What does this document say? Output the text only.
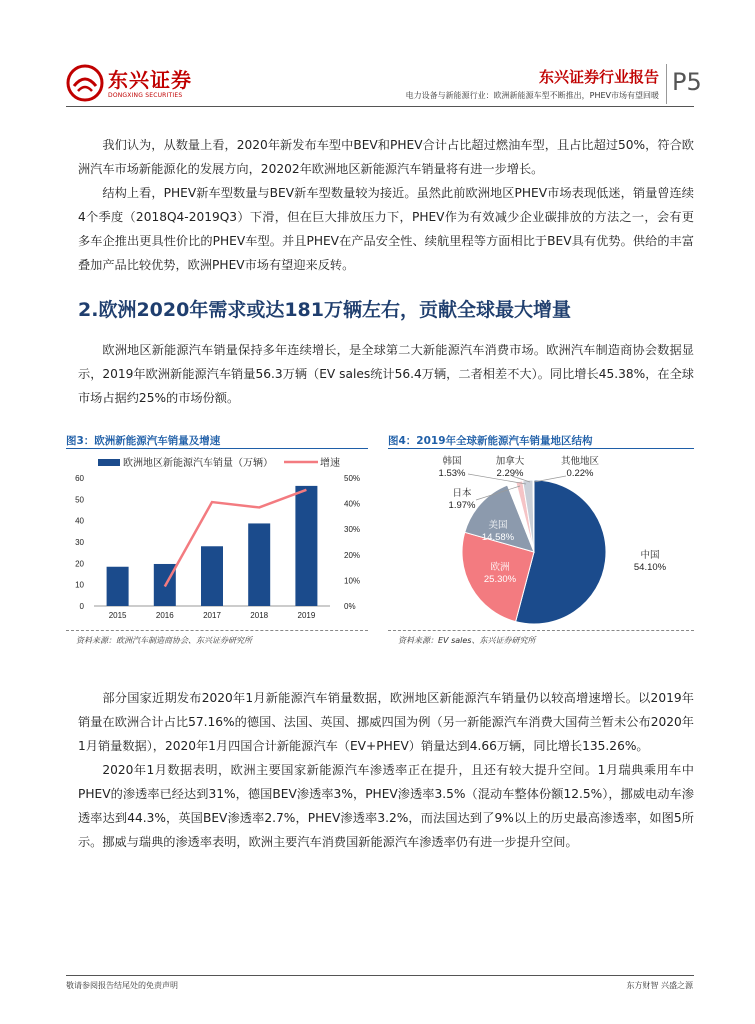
东兴证券
DONGXING SECURITIES
东兴证券行业报告
电力设备与新能源行业：欧洲新能源车型不断推出，PHEV市场有望回暖 P5
我们认为，从数量上看，2020年新发布车型中BEV和PHEV合计占比超过燃油车型，且占比超过50%，符合欧洲汽车市场新能源化的发展方向，20202年欧洲地区新能源汽车销量将有进一步增长。
结构上看，PHEV新车型数量与BEV新车型数量较为接近。虽然此前欧洲地区PHEV市场表现低迷，销量曾连续4个季度（2018Q4-2019Q3）下滑，但在巨大排放压力下，PHEV作为有效减少企业碳排放的方法之一，会有更多车企推出更具性价比的PHEV车型。并且PHEV在产品安全性、续航里程等方面相比于BEV具有优势。供给的丰富叠加产品比较优势，欧洲PHEV市场有望迎来反转。
2.欧洲2020年需求或达181万辆左右，贡献全球最大增量
欧洲地区新能源汽车销量保持多年连续增长，是全球第二大新能源汽车消费市场。欧洲汽车制造商协会数据显示，2019年欧洲新能源汽车销量56.3万辆（EV sales统计56.4万辆，二者相差不大）。同比增长45.38%，在全球市场占据约25%的市场份额。
图3：欧洲新能源汽车销量及增速
欧洲地区新能源汽车销量（万辆）	增速
0
10
20
30
40
50
60
0%
10%
20%
30%
40%
50%
2015	2016	2017	2018	2019
资料来源：欧洲汽车制造商协会、东兴证券研究所
图4：2019年全球新能源汽车销量地区结构
中国 54.10%
欧洲 25.30%
美国 14.58%
日本 1.97%
韩国 1.53%
加拿大 2.29%
其他地区 0.22%
资料来源：EV sales、东兴证券研究所
部分国家近期发布2020年1月新能源汽车销量数据，欧洲地区新能源汽车销量仍以较高增速增长。以2019年销量在欧洲合计占比57.16%的德国、法国、英国、挪威四国为例（另一新能源汽车消费大国荷兰暂未公布2020年1月销量数据），2020年1月四国合计新能源汽车（EV+PHEV）销量达到4.66万辆，同比增长135.26%。
2020年1月数据表明，欧洲主要国家新能源汽车渗透率正在提升，且还有较大提升空间。1月瑞典乘用车中PHEV的渗透率已经达到31%，德国BEV渗透率3%，PHEV渗透率3.5%（混动车整体份额12.5%），挪威电动车渗透率达到44.3%，英国BEV渗透率2.7%，PHEV渗透率3.2%，而法国达到了9%以上的历史最高渗透率，如图5所示。挪威与瑞典的渗透率表明，欧洲主要汽车消费国新能源汽车渗透率仍有进一步提升空间。
敬请参阅报告结尾处的免责声明	东方财智 兴盛之源
